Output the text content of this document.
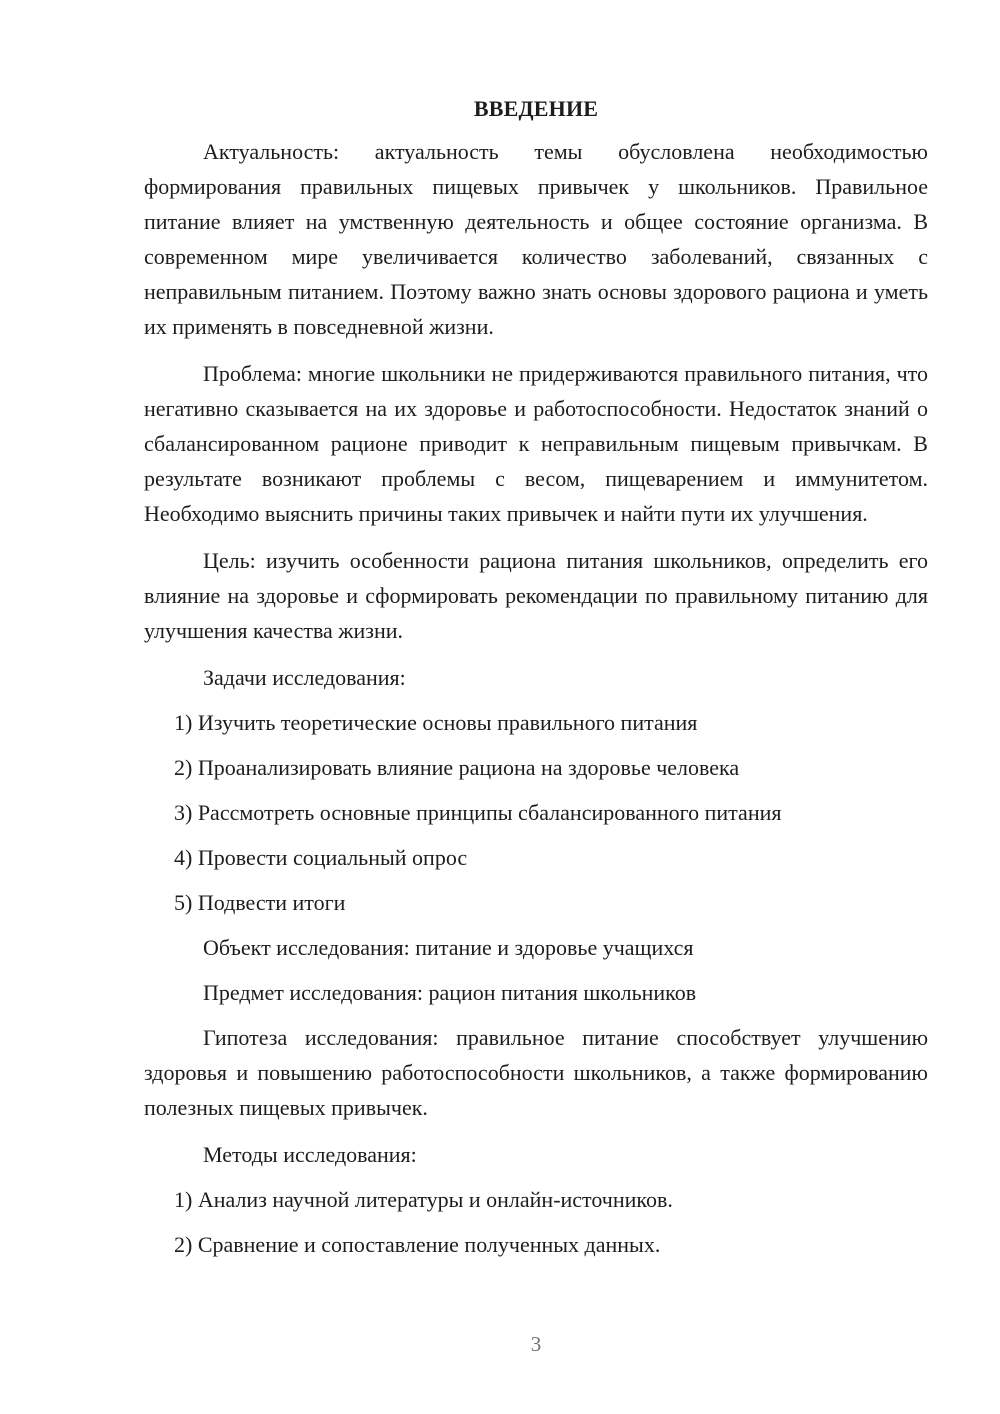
ВВЕДЕНИЕ

Актуальность: актуальность темы обусловлена необходимостью формирования правильных пищевых привычек у школьников. Правильное питание влияет на умственную деятельность и общее состояние организма. В современном мире увеличивается количество заболеваний, связанных с неправильным питанием. Поэтому важно знать основы здорового рациона и уметь их применять в повседневной жизни.

Проблема: многие школьники не придерживаются правильного питания, что негативно сказывается на их здоровье и работоспособности. Недостаток знаний о сбалансированном рационе приводит к неправильным пищевым привычкам. В результате возникают проблемы с весом, пищеварением и иммунитетом. Необходимо выяснить причины таких привычек и найти пути их улучшения.

Цель: изучить особенности рациона питания школьников, определить его влияние на здоровье и сформировать рекомендации по правильному питанию для улучшения качества жизни.

Задачи исследования:

1) Изучить теоретические основы правильного питания

2) Проанализировать влияние рациона на здоровье человека

3) Рассмотреть основные принципы сбалансированного питания

4) Провести социальный опрос

5) Подвести итоги

Объект исследования: питание и здоровье учащихся

Предмет исследования: рацион питания школьников

Гипотеза исследования: правильное питание способствует улучшению здоровья и повышению работоспособности школьников, а также формированию полезных пищевых привычек.

Методы исследования:

1) Анализ научной литературы и онлайн-источников.

2) Сравнение и сопоставление полученных данных.

3
